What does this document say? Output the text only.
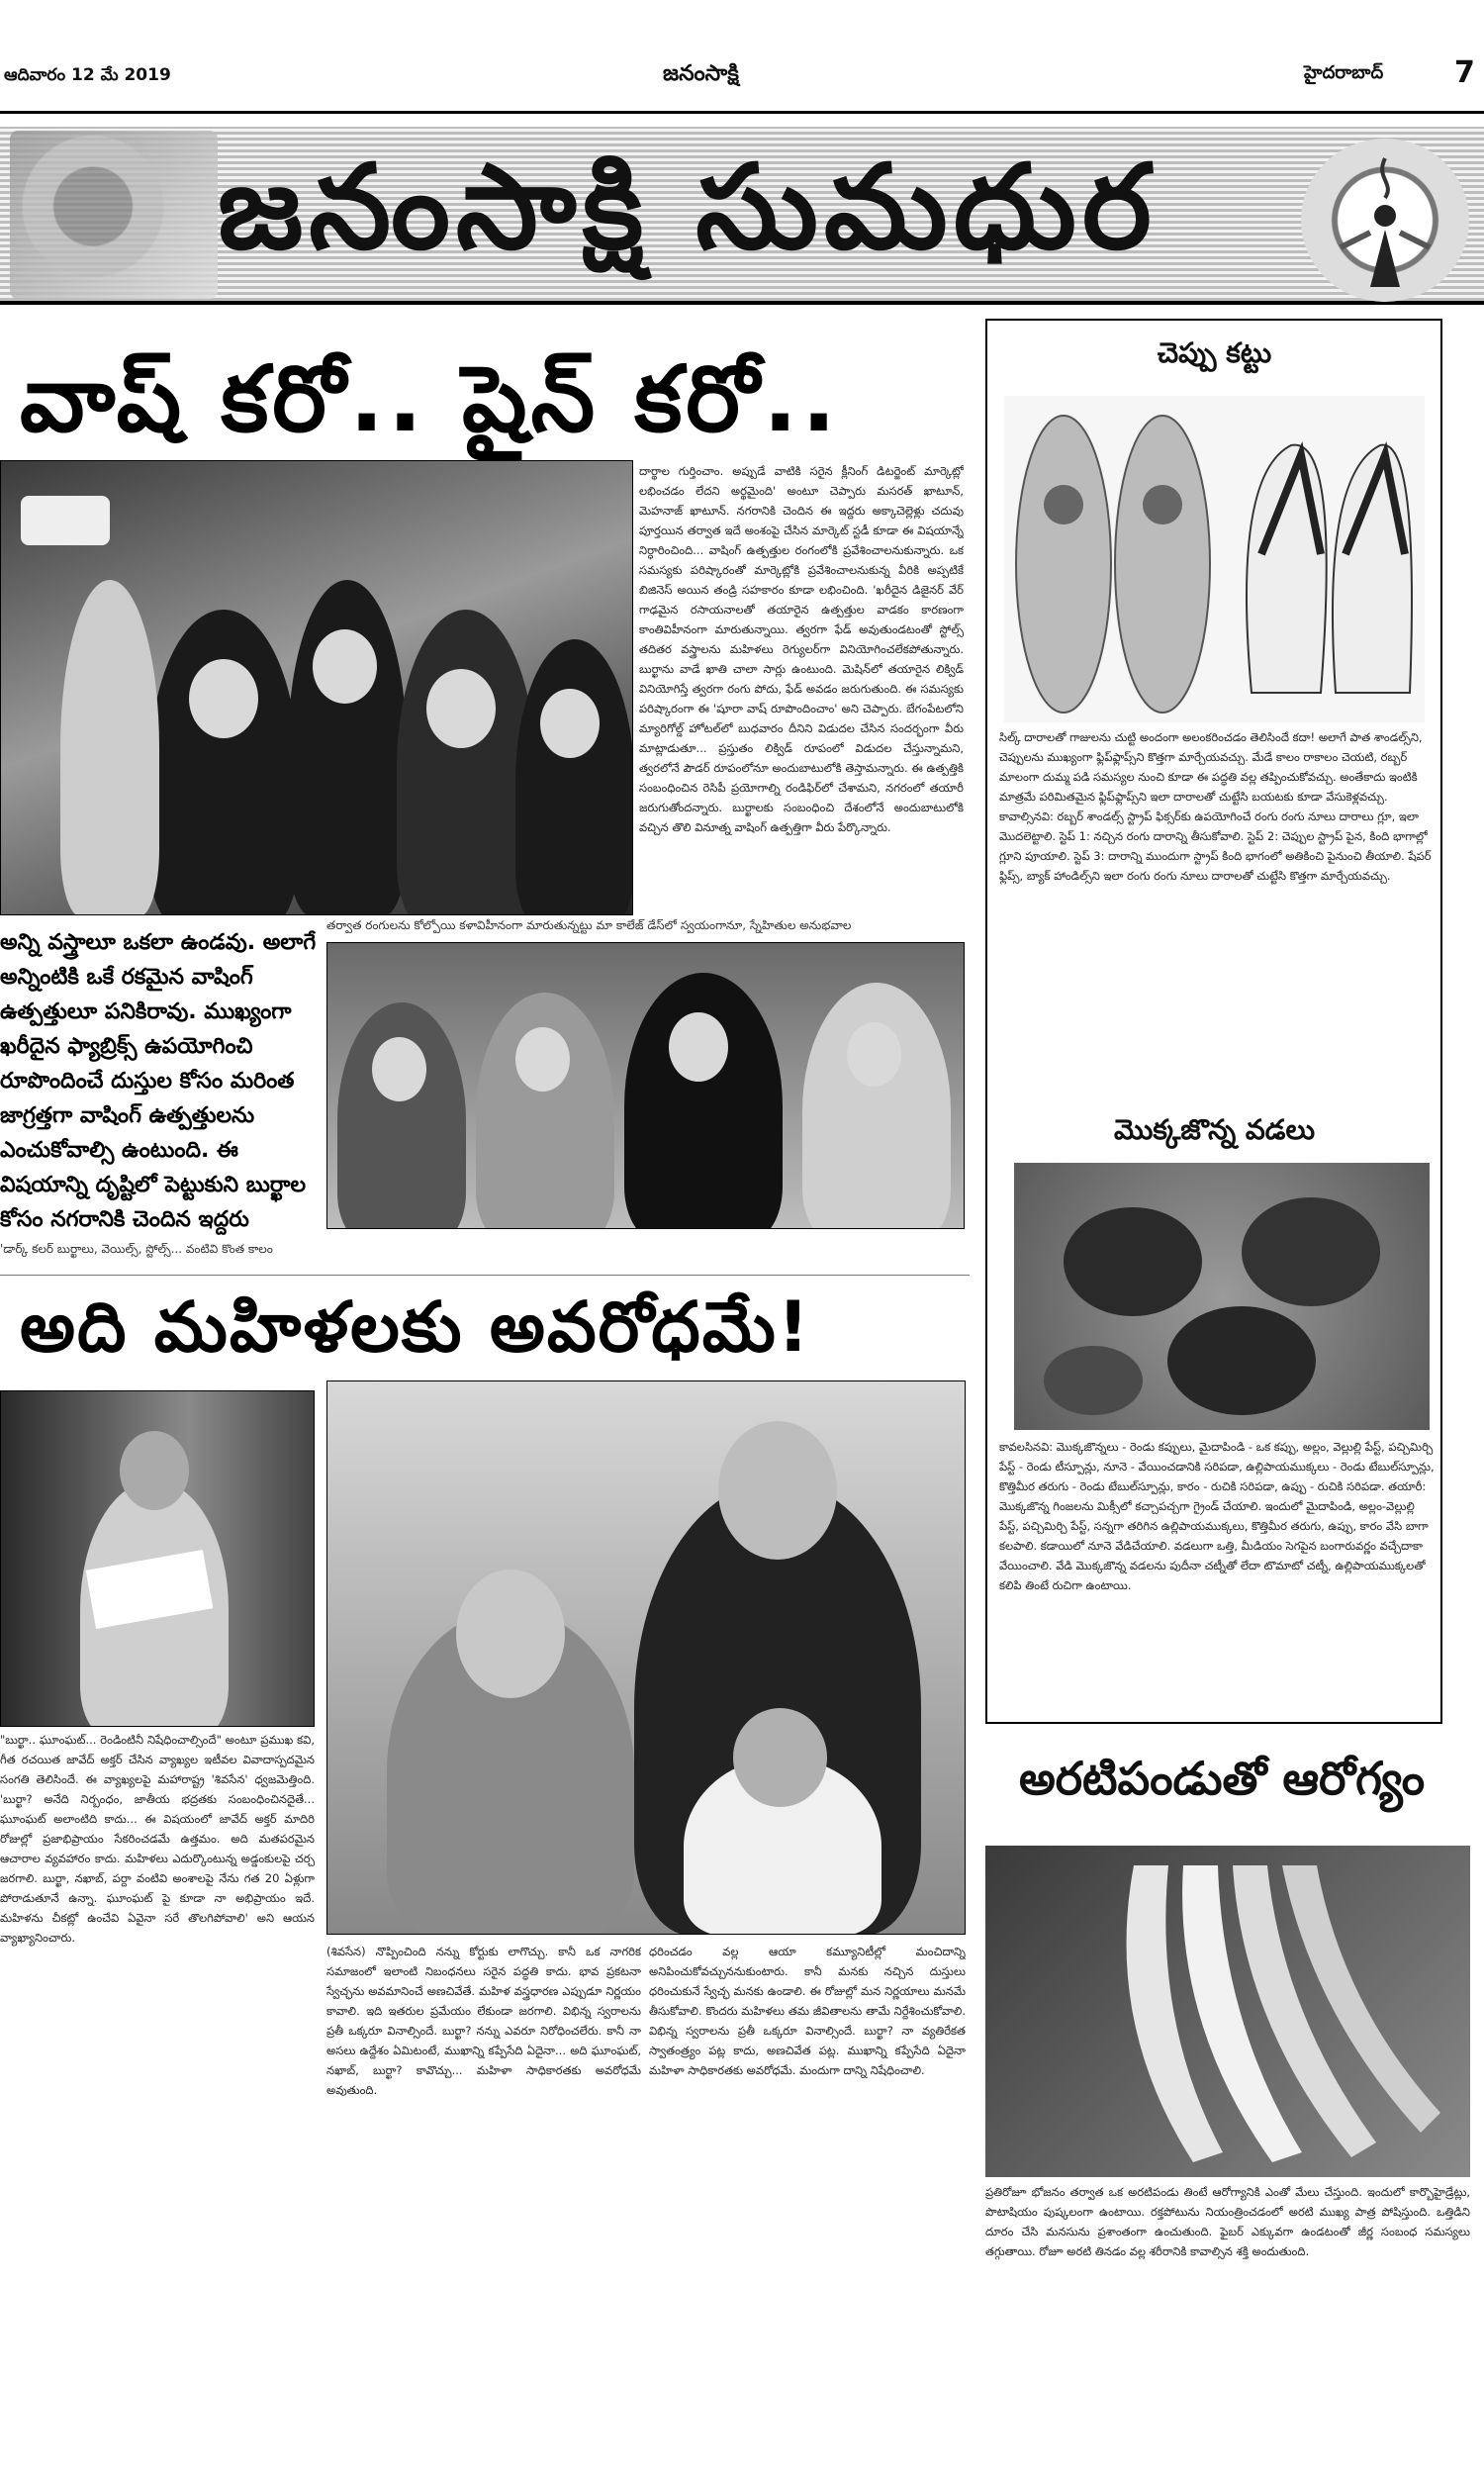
ఆదివారం 12 మే 2019	జనంసాక్షి	హైదరాబాద్ 7
జనంసాక్షి సుమధుర
వాష్ కరో.. షైన్ కరో..
దార్థాల గుర్తించాం. అప్పుడే వాటికి సరైన క్లీనింగ్ డిటర్జెంట్ మార్కెట్లో లభించడం లేదని అర్థమైంది' అంటూ చెప్పారు మసరత్ ఖాటూన్, మెహనాజ్ ఖాటూన్. నగరానికి చెందిన ఈ ఇద్దరు అక్కాచెల్లెళ్లు చదువు పూర్తయిన తర్వాత ఇదే అంశంపై చేసిన మార్కెట్ స్టడీ కూడా ఈ విషయాన్నే నిర్ధారించింది... వాషింగ్ ఉత్పత్తుల రంగంలోకి ప్రవేశించాలనుకున్నారు. ఒక సమస్యకు పరిష్కారంతో మార్కెట్లోకి ప్రవేశించాలనుకున్న వీరికి అప్పటికే బిజినెస్ అయిన తండ్రి సహకారం కూడా లభించింది. 'ఖరీదైన డిజైనర్ వేర్ గాఢమైన రసాయనాలతో తయారైన ఉత్పత్తుల వాడకం కారణంగా కాంతివిహీనంగా మారుతున్నాయి. త్వరగా ఫేడ్ అవుతుండటంతో స్టోల్స్ తదితర వస్త్రాలను మహిళలు రెగ్యులర్‌గా వినియోగించలేకపోతున్నారు. బుర్ఖాను వాడే ఖాతి చాలా సార్లు ఉంటుంది. మెషిన్‌లో తయారైన లిక్విడ్ వినియోగిస్తే త్వరగా రంగు పోదు, ఫేడ్ అవడం జరుగుతుంది. ఈ సమస్యకు పరిష్కారంగా ఈ 'షూరా వాష్ రూపొందించాం' అని చెప్పారు. బేగంపేటలోని మ్యారిగోల్డ్ హోటల్‌లో బుధవారం దీనిని విడుదల చేసిన సందర్భంగా వీరు మాట్లాడుతూ... ప్రస్తుతం లిక్విడ్ రూపంలో విడుదల చేస్తున్నామని, త్వరలోనే పౌడర్ రూపంలోనూ అందుబాటులోకి తెస్తామన్నారు. ఈ ఉత్పత్తికి సంబంధించిన రెసిపీ ప్రయోగాల్ని రండిఫిర్‌లో చేశామని, నగరంలో తయారీ జరుగుతోందన్నారు. బుర్ఖాలకు సంబంధించి దేశంలోనే అందుబాటులోకి వచ్చిన తొలి వినూత్న వాషింగ్ ఉత్పత్తిగా వీరు పేర్కొన్నారు.
తర్వాత రంగులను కోల్పోయి కళావిహీనంగా మారుతున్నట్టు మా కాలేజ్ డేస్‌లో స్వయంగానూ, స్నేహితుల అనుభవాల
అన్ని వస్త్రాలూ ఒకలా ఉండవు. అలాగే అన్నింటికి ఒకే రకమైన వాషింగ్ ఉత్పత్తులూ పనికిరావు. ముఖ్యంగా ఖరీదైన ఫ్యాబ్రిక్స్ ఉపయోగించి రూపొందించే దుస్తుల కోసం మరింత జాగ్రత్తగా వాషింగ్ ఉత్పత్తులను ఎంచుకోవాల్సి ఉంటుంది. ఈ విషయాన్ని దృష్టిలో పెట్టుకుని బుర్ఖాల కోసం నగరానికి చెందిన ఇద్దరు
'డార్క్ కలర్ బుర్ఖాలు, వెయిల్స్, స్టోల్స్... వంటివి కొంత కాలం
అది మహిళలకు అవరోధమే!
"బుర్ఖా.. ఘూంఘట్... రెండింటినీ నిషేధించాల్సిందే" అంటూ ప్రముఖ కవి, గీత రచయిత జావేద్ అక్తర్ చేసిన వ్యాఖ్యల ఇటీవల వివాదాస్పదమైన సంగతి తెలిసిందే. ఈ వ్యాఖ్యలపై మహారాష్ట్ర 'శివసేన' ధ్వజమెత్తింది. 'బుర్ఖా? అనేది నిర్బంధం, జాతీయ భద్రతకు సంబంధించినదైతే... ఘూంఘట్ అలాంటిది కాదు... ఈ విషయంలో జావేద్ అక్తర్ మాదిరి రోజుల్లో ప్రజాభిప్రాయం సేకరించడమే ఉత్తమం. అది మతపరమైన ఆచారాల వ్యవహారం కాదు. మహిళలు ఎదుర్కొంటున్న అడ్డంకులపై చర్చ జరగాలి. బుర్ఖా, నఖాబ్, పర్దా వంటివి అంశాలపై నేను గత 20 ఏళ్లుగా పోరాడుతూనే ఉన్నా. ఘూంఘట్ పై కూడా నా అభిప్రాయం ఇదే. మహిళను చీకట్లో ఉంచేవి ఏవైనా సరే తొలగిపోవాలి' అని ఆయన వ్యాఖ్యానించారు.
(శివసేన) నొప్పించింది నన్ను కోర్టుకు లాగొచ్చు. కానీ ఒక నాగరిక సమాజంలో ఇలాంటి నిబంధనలు సరైన పద్ధతి కాదు. భావ ప్రకటనా స్వేచ్ఛను అవమానించే అణచివేతే. మహిళ వస్త్రధారణ ఎప్పుడూ నిర్ణయం కావాలి. ఇది ఇతరుల ప్రమేయం లేకుండా జరగాలి. విభిన్న స్వరాలను ప్రతీ ఒక్కరూ వినాల్సిందే. బుర్ఖా? నన్ను ఎవరూ నిరోధించలేరు. కానీ నా అసలు ఉద్దేశం ఏమిటంటే, ముఖాన్ని కప్పేసేది ఏదైనా... అది ఘూంఘట్, నఖాబ్, బుర్ఖా? కావొచ్చు... మహిళా సాధికారతకు అవరోధమే అవుతుంది.
ధరించడం వల్ల ఆయా కమ్యూనిటీల్లో మంచిదాన్ని అనిపించుకోవచ్చుననుకుంటారు. కానీ మనకు నచ్చిన దుస్తులు ధరించుకునే స్వేచ్ఛ మనకు ఉండాలి. ఈ రోజుల్లో మన నిర్ణయాలు మనమే తీసుకోవాలి. కొందరు మహిళలు తమ జీవితాలను తామే నిర్దేశించుకోవాలి. విభిన్న స్వరాలను ప్రతీ ఒక్కరూ వినాల్సిందే. బుర్ఖా? నా వ్యతిరేకత స్వాతంత్ర్యం పట్ల కాదు, అణచివేత పట్ల. ముఖాన్ని కప్పేసేది ఏదైనా మహిళా సాధికారతకు అవరోధమే. మందుగా దాన్ని నిషేధించాలి.
చెప్పు కట్టు
సిల్క్ దారాలతో గాజులను చుట్టి అందంగా అలంకరించడం తెలిసిందే కదా! అలాగే పాత శాండల్స్‌ని, చెప్పులను ముఖ్యంగా ఫ్లిప్‌ఫ్లాప్స్‌ని కొత్తగా మార్చేయవచ్చు. మేడే కాలం రాకాలం చెయటి, రబ్బర్ మాలంగా దుమ్మ పడి సమస్యల నుంచి కూడా ఈ పద్ధతి వల్ల తప్పించుకోవచ్చు. అంతేకాదు ఇంటికి మాత్రమే పరిమితమైన ఫ్లిప్‌ఫ్లాప్స్‌ని ఇలా దారాలతో చుట్టేసి బయటకు కూడా వేసుకెళ్లవచ్చు. కావాల్సినవి: రబ్బర్ శాండల్స్ స్ట్రాప్ ఫిక్సర్‌కు ఉపయోగించే రంగు రంగు నూలు దారాలు గ్లూ, ఇలా మొదలెట్టాలి. స్టెప్ 1: నచ్చిన రంగు దారాన్ని తీసుకోవాలి. స్టెప్ 2: చెప్పుల స్ట్రాప్ పైన, కింది భాగాల్లో గ్లూని పూయాలి. స్టెప్ 3: దారాన్ని ముందుగా స్ట్రాప్ కింది భాగంలో అతికించి పైనుంచి తీయాలి. షేపర్ ఫ్లిప్స్, బ్యాక్ హాండిల్స్‌ని ఇలా రంగు రంగు నూలు దారాలతో చుట్టేసి కొత్తగా మార్చేయవచ్చు.
మొక్కజొన్న వడలు
కావలసినవి: మొక్కజొన్నలు - రెండు కప్పులు, మైదాపిండి - ఒక కప్పు, అల్లం, వెల్లుల్లి పేస్ట్, పచ్చిమిర్చి పేస్ట్ - రెండు టీస్పూన్లు, నూనె - వేయించడానికి సరిపడా, ఉల్లిపాయముక్కలు - రెండు టేబుల్‌స్పూన్లు, కొత్తిమీర తరుగు - రెండు టేబుల్‌స్పూన్లు, కారం - రుచికి సరిపడా, ఉప్పు - రుచికి సరిపడా. తయారీ: మొక్కజొన్న గింజలను మిక్సీలో కచ్చాపచ్చగా గ్రైండ్ చేయాలి. ఇందులో మైదాపిండి, అల్లం-వెల్లుల్లి పేస్ట్, పచ్చిమిర్చి పేస్ట్, సన్నగా తరిగిన ఉల్లిపాయముక్కలు, కొత్తిమీర తరుగు, ఉప్పు, కారం వేసి బాగా కలపాలి. కడాయిలో నూనె వేడిచేయాలి. వడలుగా ఒత్తి, మీడియం సెగపైన బంగారువర్ణం వచ్చేదాకా వేయించాలి. వేడి మొక్కజొన్న వడలను పుదీనా చట్నీతో లేదా టొమాటో చట్నీ, ఉల్లిపాయముక్కలతో కలిపి తింటే రుచిగా ఉంటాయి.
అరటిపండుతో ఆరోగ్యం
ప్రతిరోజూ భోజనం తర్వాత ఒక అరటిపండు తింటే ఆరోగ్యానికి ఎంతో మేలు చేస్తుంది. ఇందులో కార్బొహైడ్రేట్లు, పొటాషియం పుష్కలంగా ఉంటాయి. రక్తపోటును నియంత్రించడంలో అరటి ముఖ్య పాత్ర పోషిస్తుంది. ఒత్తిడిని దూరం చేసి మనసును ప్రశాంతంగా ఉంచుతుంది. ఫైబర్ ఎక్కువగా ఉండటంతో జీర్ణ సంబంధ సమస్యలు తగ్గుతాయి. రోజూ అరటి తినడం వల్ల శరీరానికి కావాల్సిన శక్తి అందుతుంది.
